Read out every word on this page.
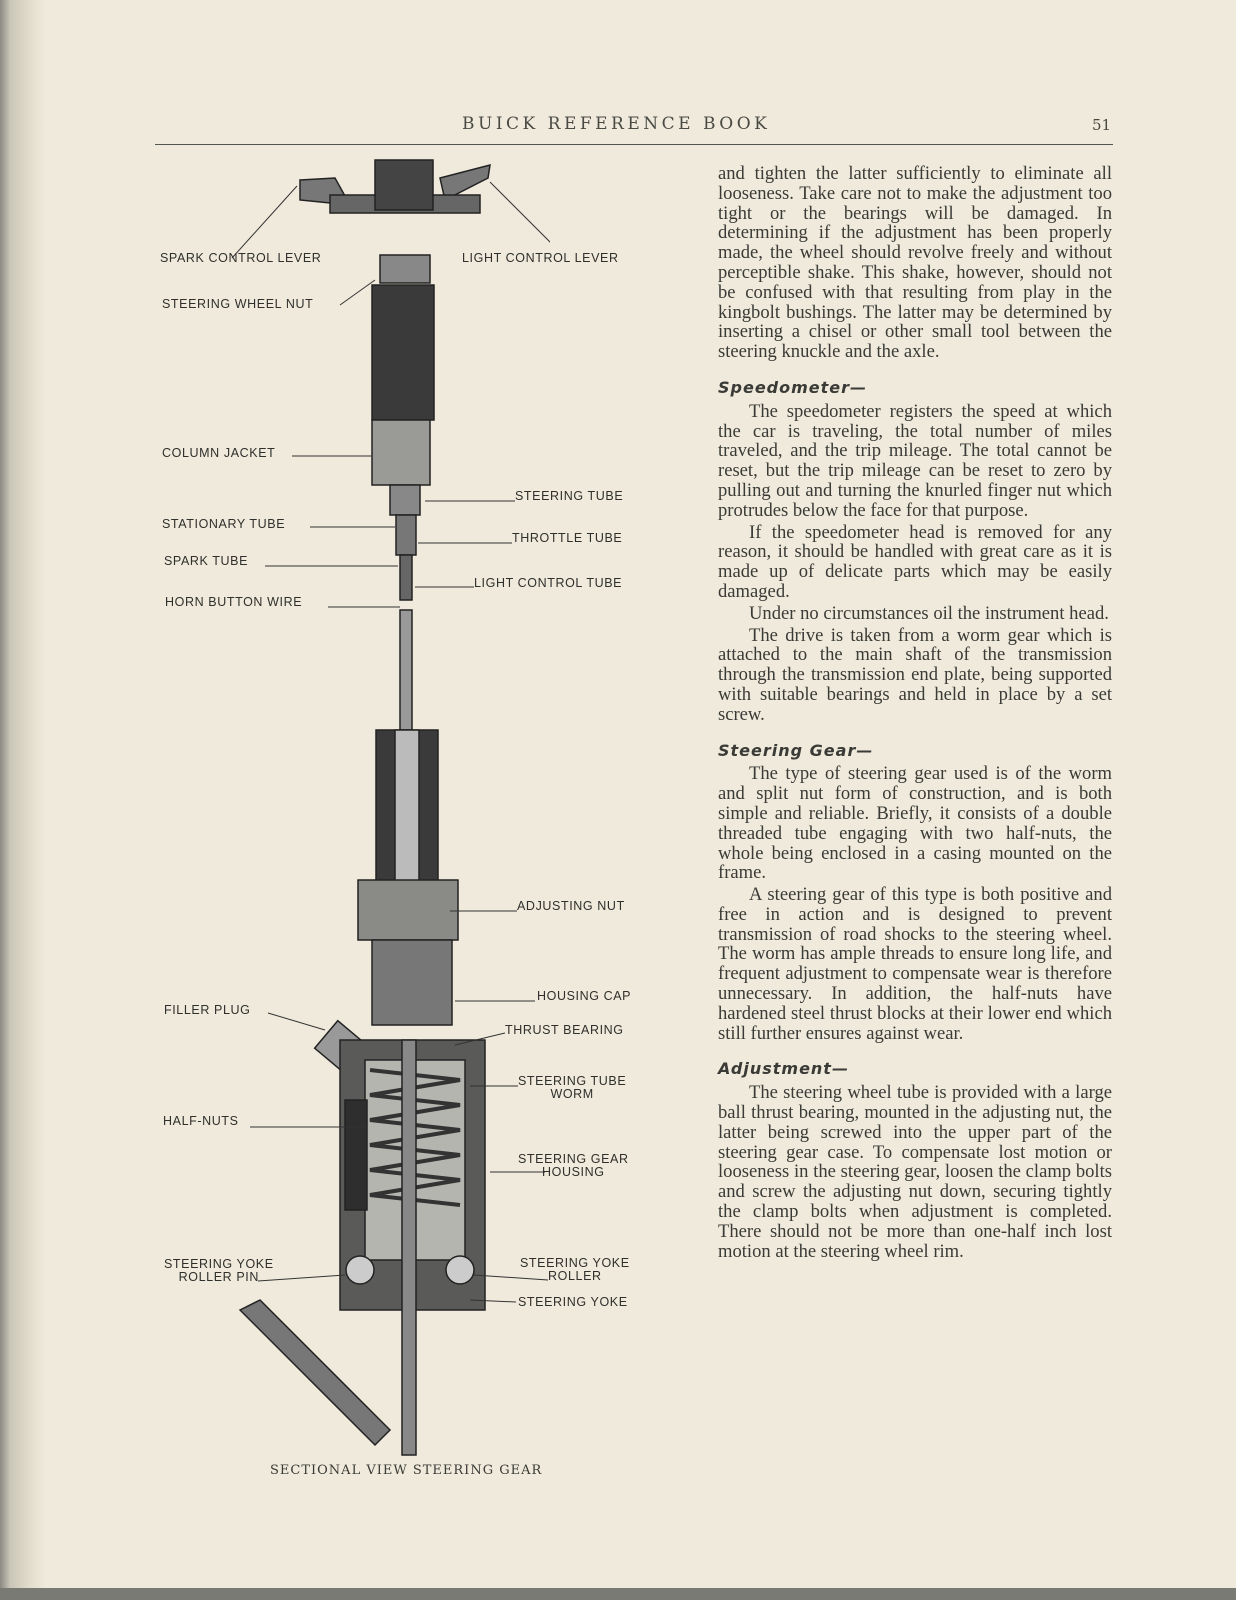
BUICK REFERENCE BOOK	51
SPARK CONTROL LEVER	LIGHT CONTROL LEVER
STEERING WHEEL NUT
COLUMN JACKET
STEERING TUBE
STATIONARY TUBE
THROTTLE TUBE
SPARK TUBE
LIGHT CONTROL TUBE
HORN BUTTON WIRE
ADJUSTING NUT
HOUSING CAP
FILLER PLUG
THRUST BEARING
STEERING TUBE
WORM
HALF-NUTS
STEERING GEAR
HOUSING
STEERING YOKE
ROLLER PIN
STEERING YOKE
ROLLER
STEERING YOKE
SECTIONAL VIEW STEERING GEAR

and tighten the latter sufficiently to eliminate all looseness. Take care not to make the adjustment too tight or the bearings will be damaged. In determining if the adjustment has been properly made, the wheel should revolve freely and without perceptible shake. This shake, however, should not be confused with that resulting from play in the kingbolt bushings. The latter may be determined by inserting a chisel or other small tool between the steering knuckle and the axle.

Speedometer—

The speedometer registers the speed at which the car is traveling, the total number of miles traveled, and the trip mileage. The total cannot be reset, but the trip mileage can be reset to zero by pulling out and turning the knurled finger nut which protrudes below the face for that purpose.

If the speedometer head is removed for any reason, it should be handled with great care as it is made up of delicate parts which may be easily damaged.

Under no circumstances oil the instrument head.

The drive is taken from a worm gear which is attached to the main shaft of the transmission through the transmission end plate, being supported with suitable bearings and held in place by a set screw.

Steering Gear—

The type of steering gear used is of the worm and split nut form of construction, and is both simple and reliable. Briefly, it consists of a double threaded tube engaging with two half-nuts, the whole being enclosed in a casing mounted on the frame.

A steering gear of this type is both positive and free in action and is designed to prevent transmission of road shocks to the steering wheel. The worm has ample threads to ensure long life, and frequent adjustment to compensate wear is therefore unnecessary. In addition, the half-nuts have hardened steel thrust blocks at their lower end which still further ensures against wear.

Adjustment—

The steering wheel tube is provided with a large ball thrust bearing, mounted in the adjusting nut, the latter being screwed into the upper part of the steering gear case. To compensate lost motion or looseness in the steering gear, loosen the clamp bolts and screw the adjusting nut down, securing tightly the clamp bolts when adjustment is completed. There should not be more than one-half inch lost motion at the steering wheel rim.
